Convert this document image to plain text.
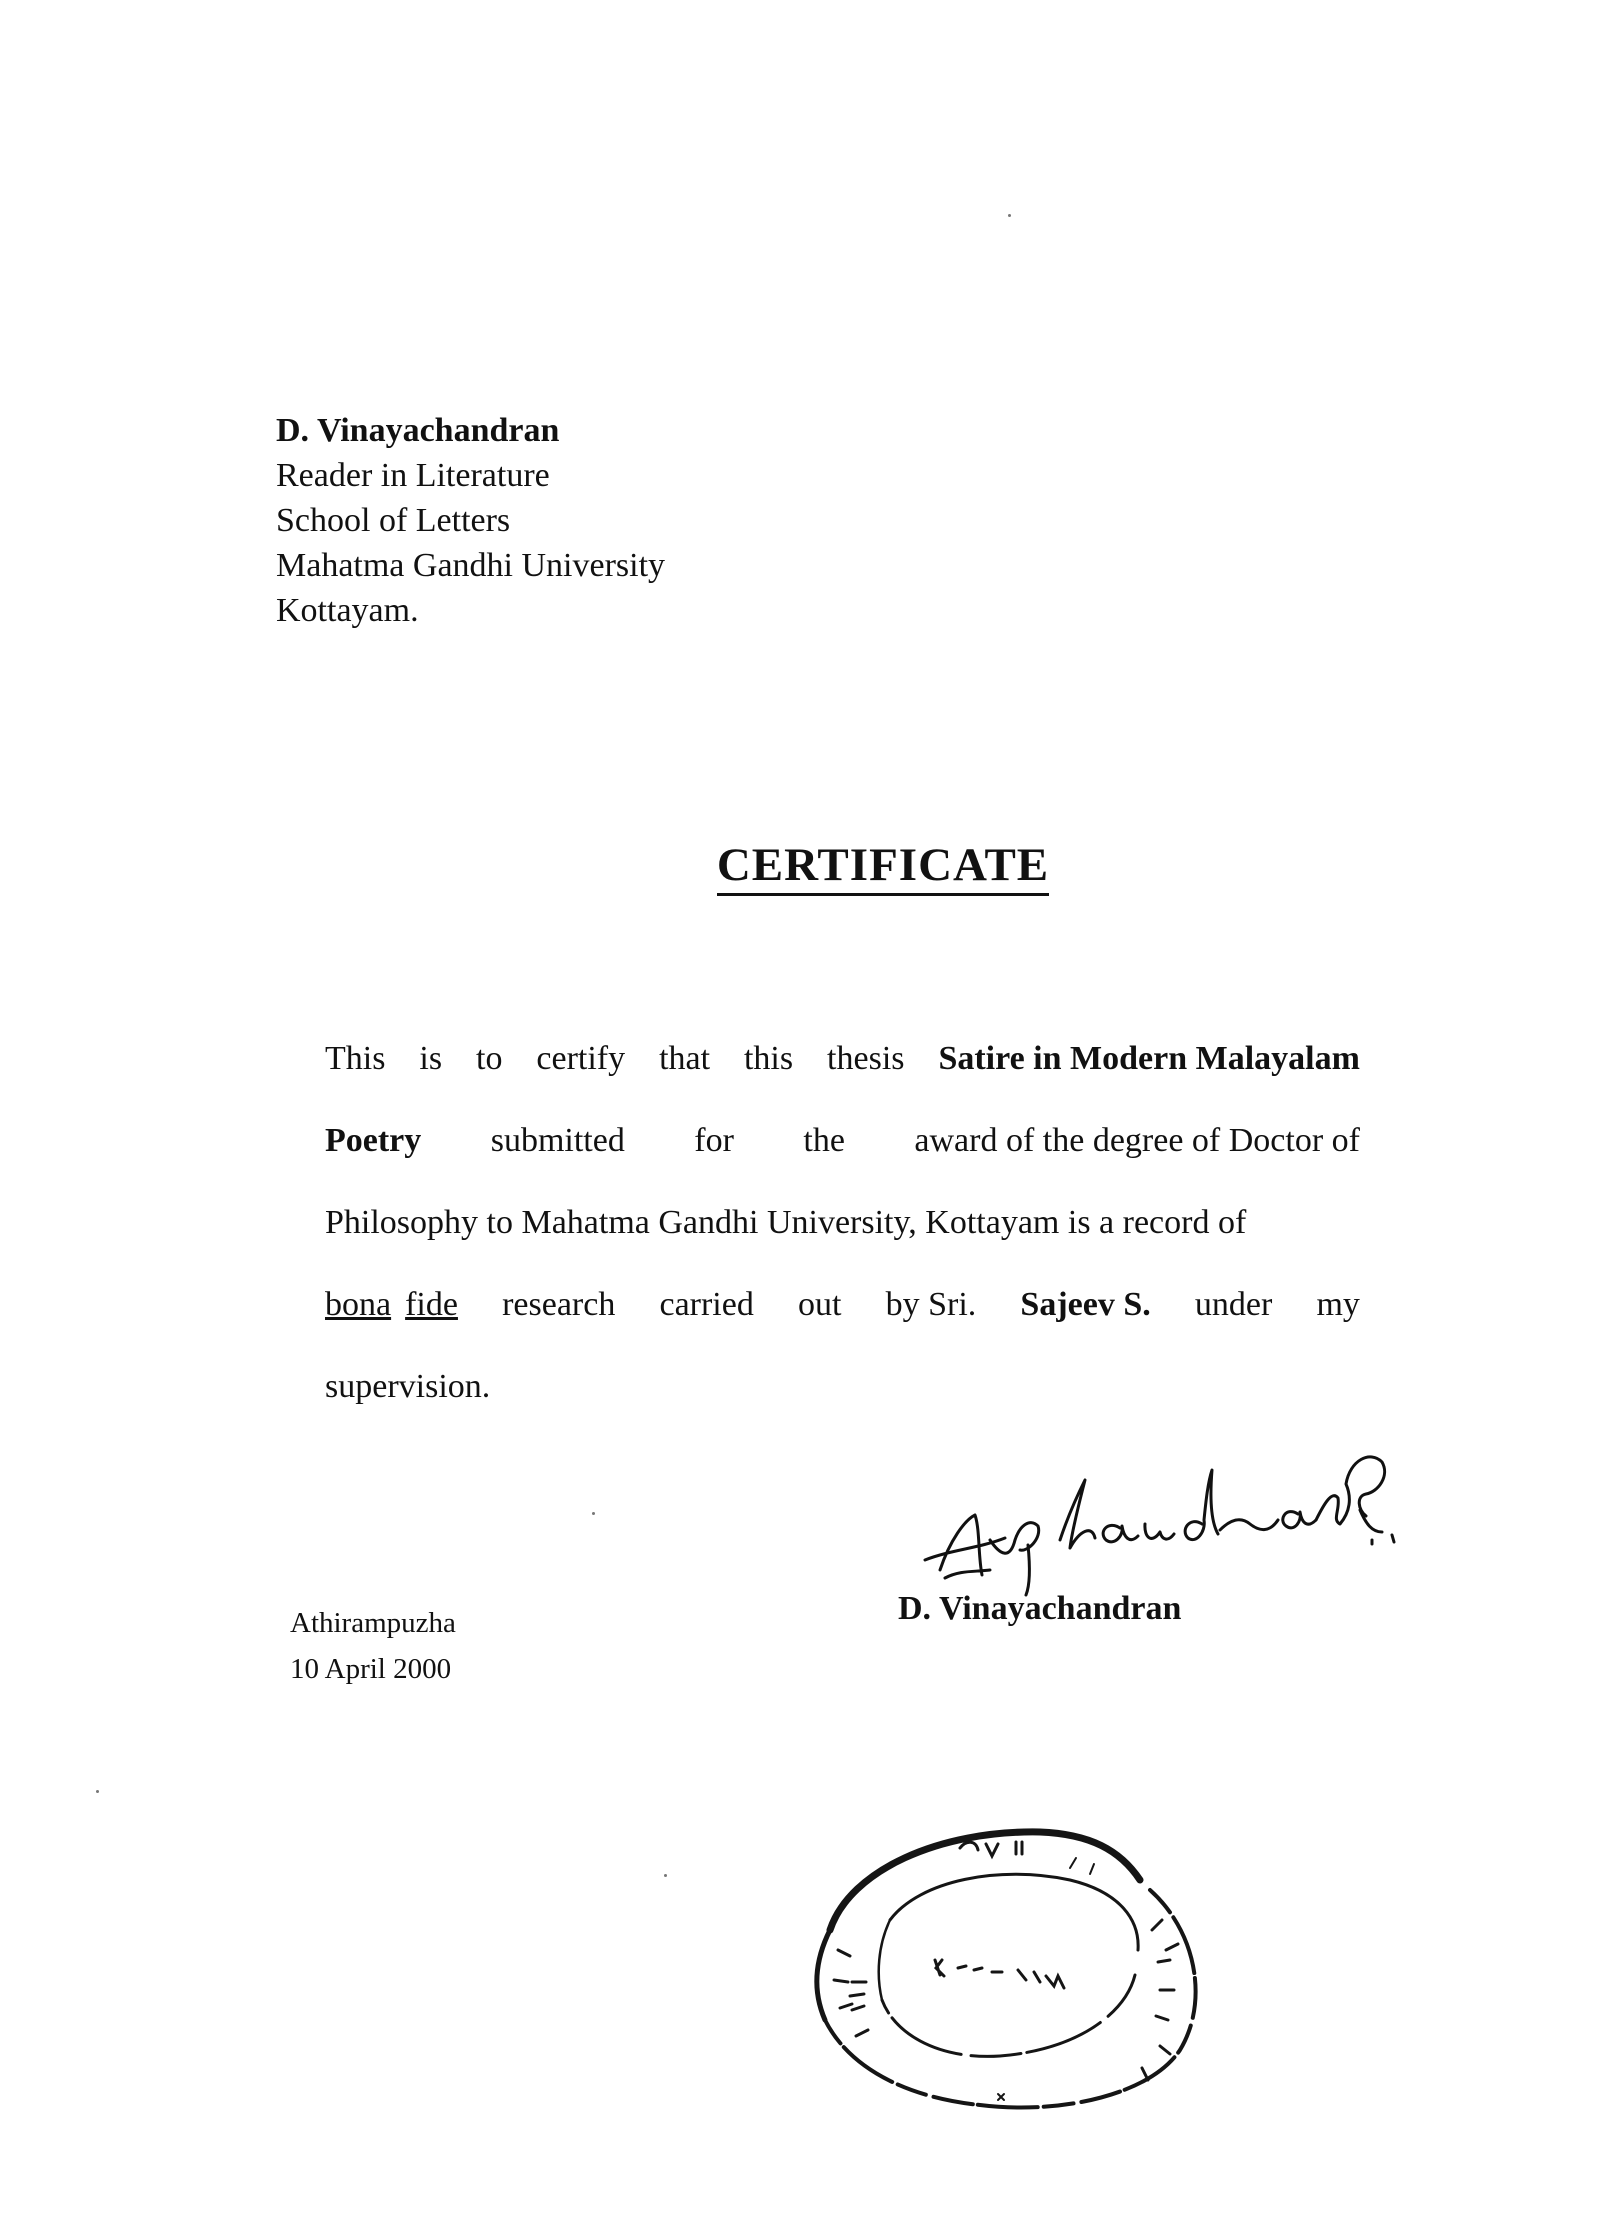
D. Vinayachandran
Reader in Literature
School of Letters
Mahatma Gandhi University
Kottayam.
CERTIFICATE
This is to certify that this thesis Satire in Modern Malayalam
Poetry submitted for the award of the degree of Doctor of
Philosophy to Mahatma Gandhi University, Kottayam is a record of
bona fide research carried out by Sri. Sajeev S. under my
supervision.
D. Vinayachandran
Athirampuzha
10 April 2000
